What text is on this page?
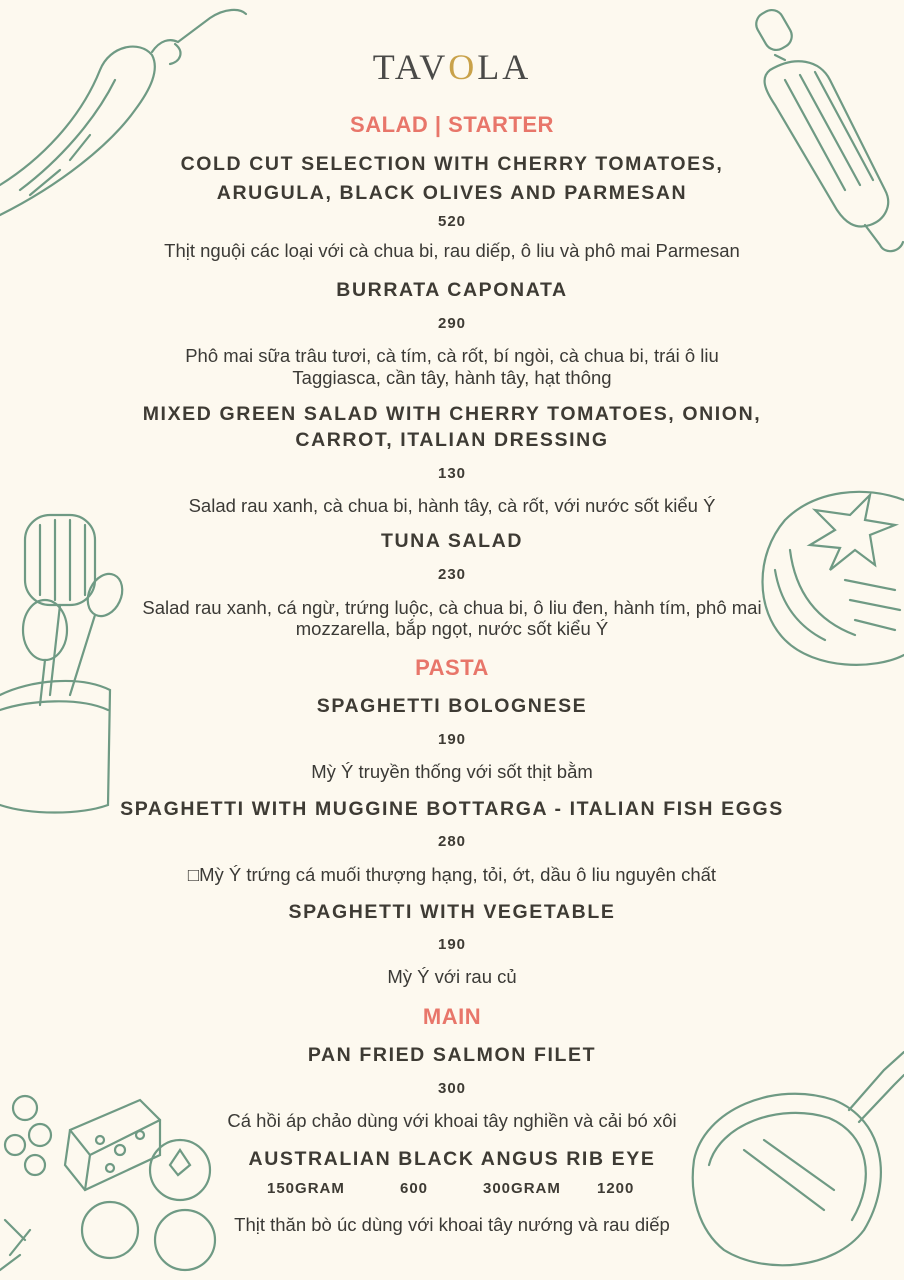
TAVOLA
SALAD | STARTER
COLD CUT SELECTION WITH CHERRY TOMATOES,
ARUGULA, BLACK OLIVES AND PARMESAN
520
Thịt nguội các loại với cà chua bi, rau diếp, ô liu và phô mai Parmesan
BURRATA CAPONATA
290
Phô mai sữa trâu tươi, cà tím, cà rốt, bí ngòi, cà chua bi, trái ô liu
Taggiasca, cần tây, hành tây, hạt thông
MIXED GREEN SALAD WITH CHERRY TOMATOES, ONION,
CARROT, ITALIAN DRESSING
130
Salad rau xanh, cà chua bi, hành tây, cà rốt, với nước sốt kiểu Ý
TUNA SALAD
230
Salad rau xanh, cá ngừ, trứng luộc, cà chua bi, ô liu đen, hành tím, phô mai
mozzarella, bắp ngọt, nước sốt kiểu Ý
PASTA
SPAGHETTI BOLOGNESE
190
Mỳ Ý truyền thống với sốt thịt bằm
SPAGHETTI WITH MUGGINE BOTTARGA - ITALIAN FISH EGGS
280
□Mỳ Ý trứng cá muối thượng hạng, tỏi, ớt, dầu ô liu nguyên chất
SPAGHETTI WITH VEGETABLE
190
Mỳ Ý với rau củ
MAIN
PAN FRIED SALMON FILET
300
Cá hồi áp chảo dùng với khoai tây nghiền và cải bó xôi
AUSTRALIAN BLACK ANGUS RIB EYE
150GRAM	600	300GRAM 1200
Thịt thăn bò úc dùng với khoai tây nướng và rau diếp
